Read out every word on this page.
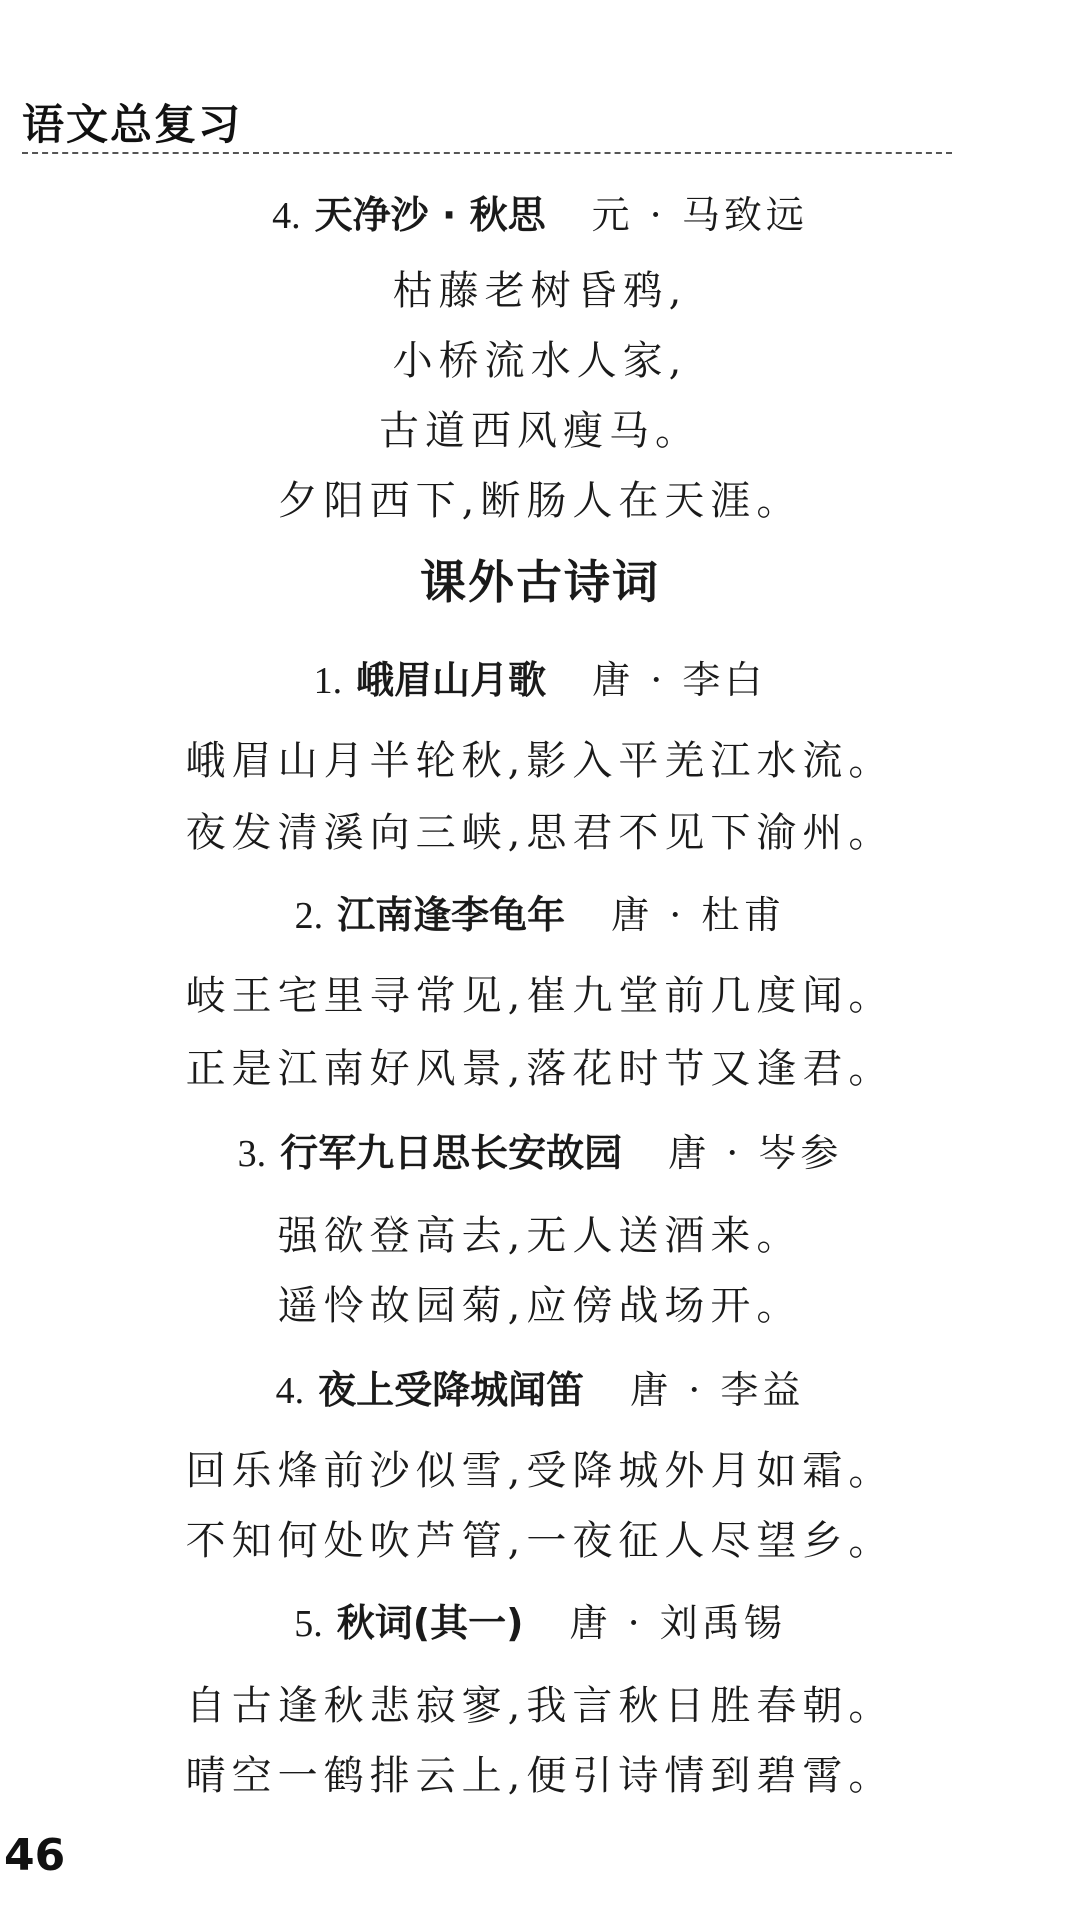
语文总复习
4. 天净沙 · 秋思 元 · 马致远
枯藤老树昏鸦,
小桥流水人家,
古道西风瘦马。
夕阳西下,断肠人在天涯。
课外古诗词
1. 峨眉山月歌 唐 · 李白
峨眉山月半轮秋,影入平羌江水流。
夜发清溪向三峡,思君不见下渝州。
2. 江南逢李龟年 唐 · 杜甫
岐王宅里寻常见,崔九堂前几度闻。
正是江南好风景,落花时节又逢君。
3. 行军九日思长安故园 唐 · 岑参
强欲登高去,无人送酒来。
遥怜故园菊,应傍战场开。
4. 夜上受降城闻笛 唐 · 李益
回乐烽前沙似雪,受降城外月如霜。
不知何处吹芦管,一夜征人尽望乡。
5. 秋词(其一) 唐 · 刘禹锡
自古逢秋悲寂寥,我言秋日胜春朝。
晴空一鹤排云上,便引诗情到碧霄。
46
